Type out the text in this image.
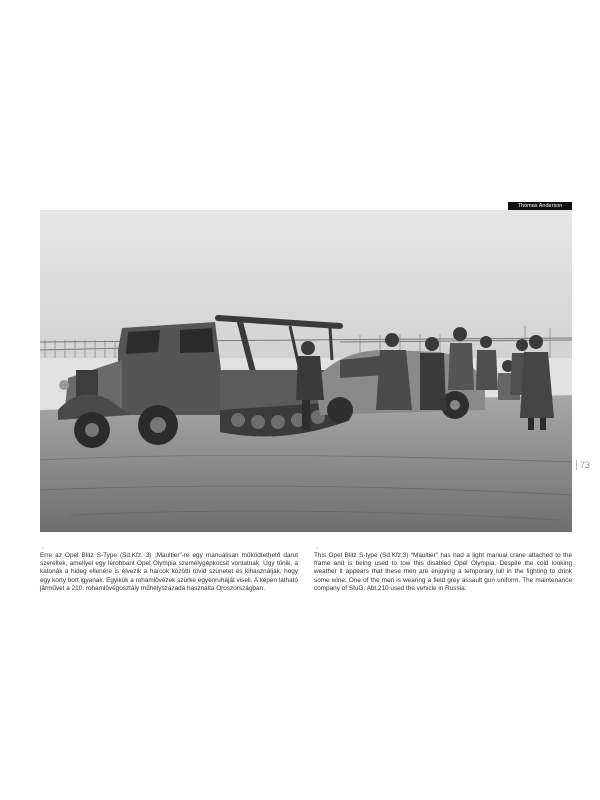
Thomas Anderson
73
→
Erre az Opel Blitz S-Type (Sd.Kfz. 3) „Maultier”-re egy manuálisan működtethető darut szereltek, amellyel egy lerobbant Opel Olympia személygépkocsit vontatnak. Úgy tűnik, a katonák a hideg ellenére is élvezik a harcok közötti rövid szünetet és kihasználják, hogy egy korty bort igyanak. Egyikük a rohamlövézek szürke egyenruháját viseli. A képen látható járművet a 210. rohamlövégosztály műhelyszázada használta Oroszországban.
→
This Opel Blitz S-type (Sd.Kfz.3) “Maultier” has had a light manual crane attached to the frame and is being used to tow this disabled Opel Olympia. Despite the cold looking weather it appears that these men are enjoying a temporary lull in the fighting to drink some wine. One of the men is wearing a field grey assault gun uniform. The maintenance company of StuG. Abt.210 used the vehicle in Russia.
